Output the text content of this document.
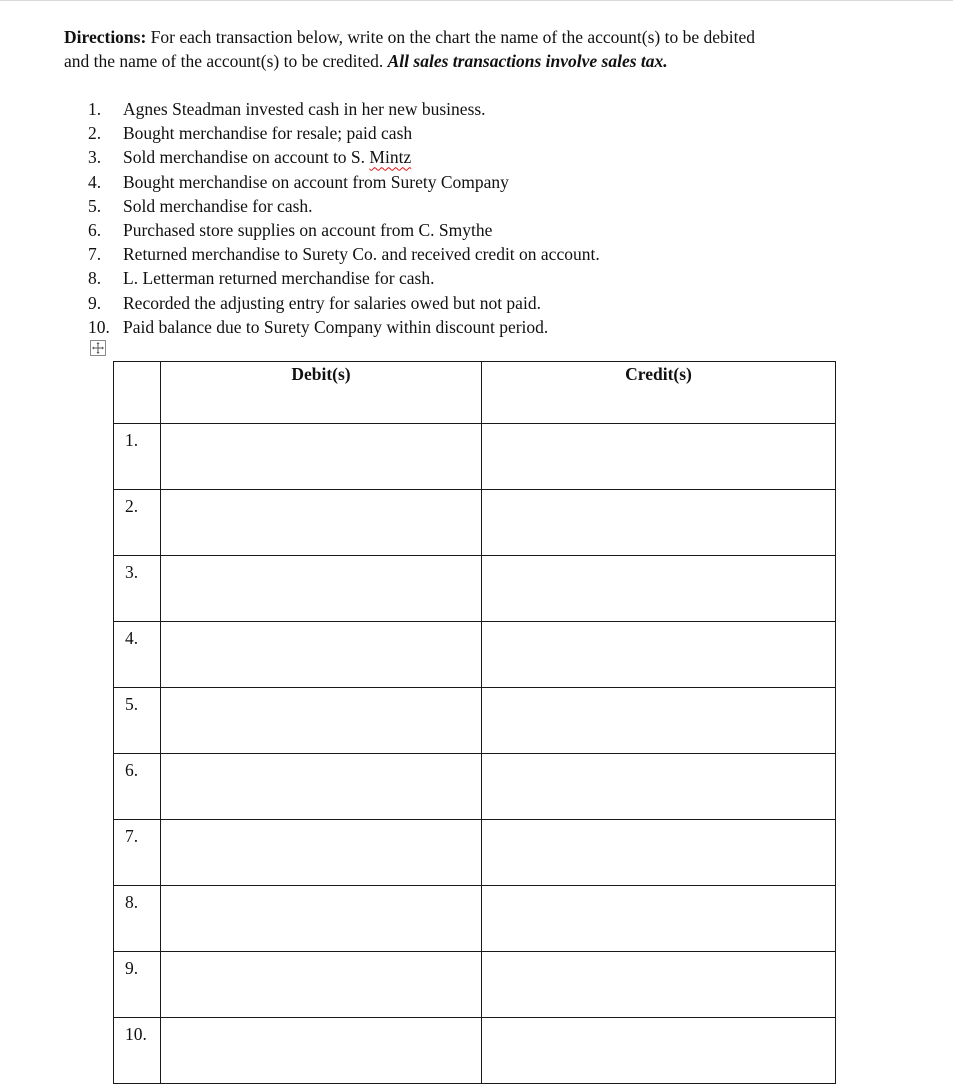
Directions: For each transaction below, write on the chart the name of the account(s) to be debited
and the name of the account(s) to be credited. All sales transactions involve sales tax.
1.	Agnes Steadman invested cash in her new business.
2.	Bought merchandise for resale; paid cash
3.	Sold merchandise on account to S. Mintz
4.	Bought merchandise on account from Surety Company
5.	Sold merchandise for cash.
6.	Purchased store supplies on account from C. Smythe
7.	Returned merchandise to Surety Co. and received credit on account.
8.	L. Letterman returned merchandise for cash.
9.	Recorded the adjusting entry for salaries owed but not paid.
10. Paid balance due to Surety Company within discount period.
	Debit(s)	Credit(s)
1.		
2.		
3.		
4.		
5.		
6.		
7.		
8.		
9.		
10.		
